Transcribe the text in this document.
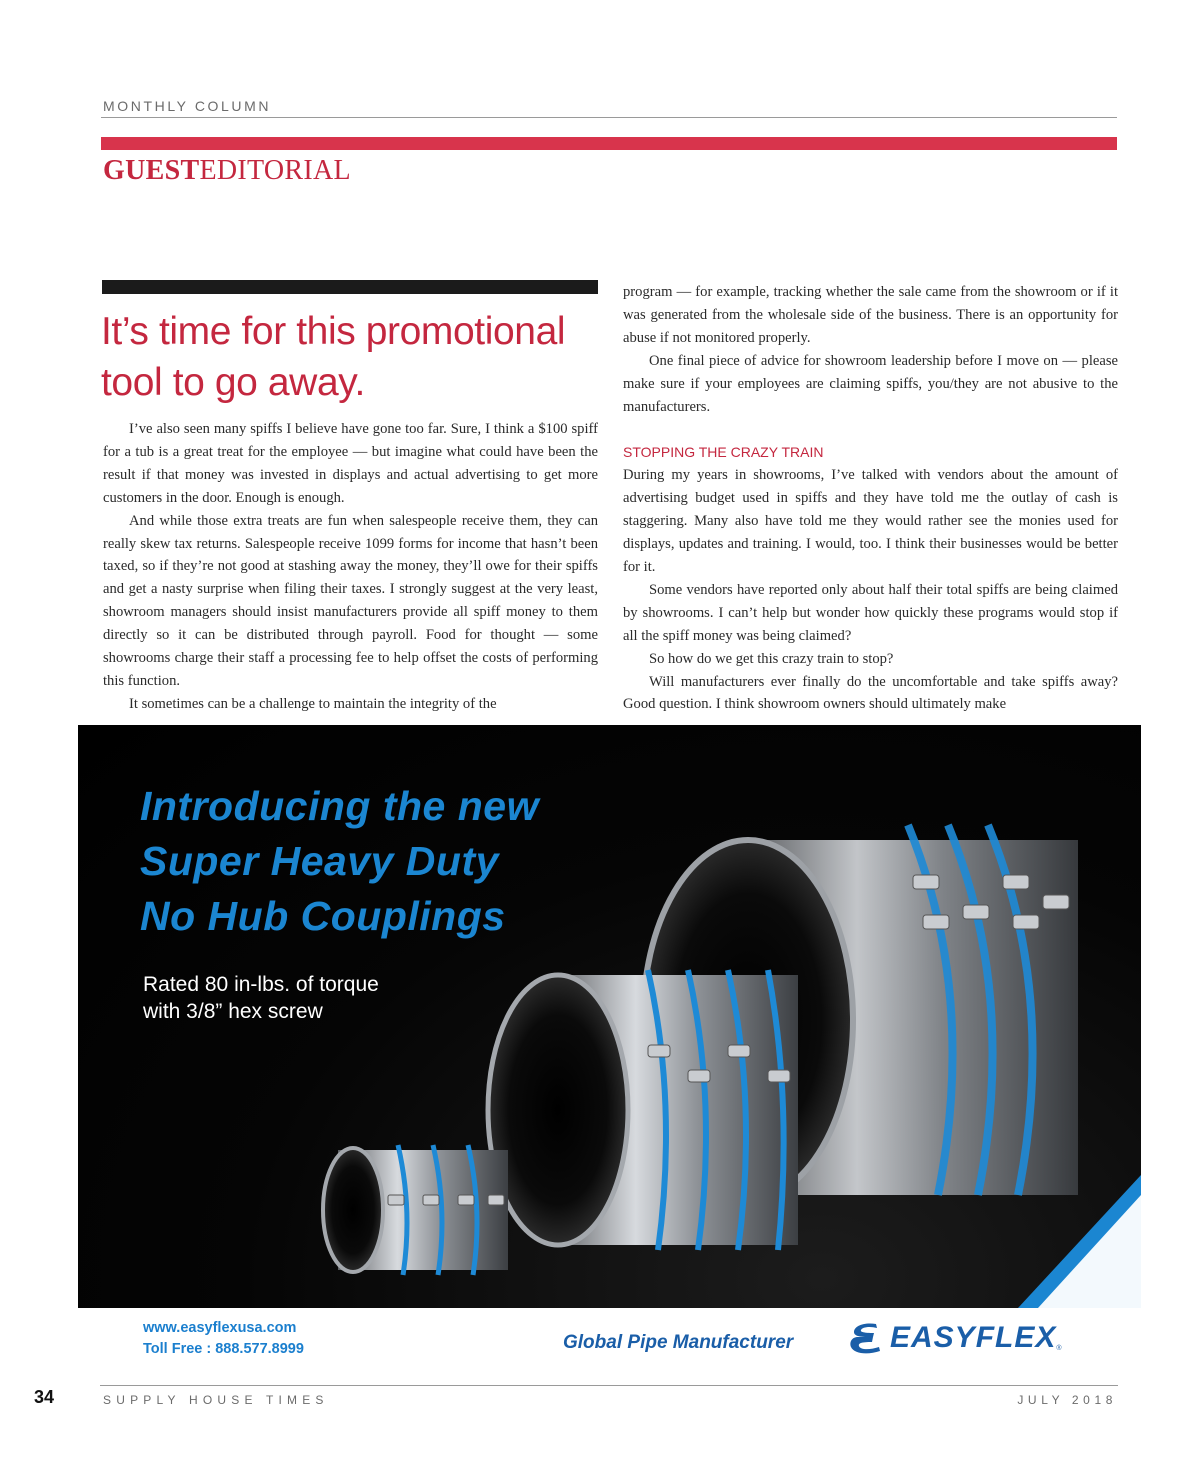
MONTHLY COLUMN
GUESTEDITORIAL
It’s time for this promotional tool to go away.

I’ve also seen many spiffs I believe have gone too far. Sure, I think a $100 spiff for a tub is a great treat for the employee — but imagine what could have been the result if that money was invested in displays and actual advertising to get more customers in the door. Enough is enough.

And while those extra treats are fun when salespeople receive them, they can really skew tax returns. Salespeople receive 1099 forms for income that hasn’t been taxed, so if they’re not good at stashing away the money, they’ll owe for their spiffs and get a nasty surprise when filing their taxes. I strongly suggest at the very least, showroom managers should insist manufacturers provide all spiff money to them directly so it can be distributed through payroll. Food for thought — some showrooms charge their staff a processing fee to help offset the costs of performing this function.

It sometimes can be a challenge to maintain the integrity of the

program — for example, tracking whether the sale came from the showroom or if it was generated from the wholesale side of the business. There is an opportunity for abuse if not monitored properly.

One final piece of advice for showroom leadership before I move on — please make sure if your employees are claiming spiffs, you/they are not abusive to the manufacturers.

STOPPING THE CRAZY TRAIN

During my years in showrooms, I’ve talked with vendors about the amount of advertising budget used in spiffs and they have told me the outlay of cash is staggering. Many also have told me they would rather see the monies used for displays, updates and training. I would, too. I think their businesses would be better for it.

Some vendors have reported only about half their total spiffs are being claimed by showrooms. I can’t help but wonder how quickly these programs would stop if all the spiff money was being claimed?

So how do we get this crazy train to stop?

Will manufacturers ever finally do the uncomfortable and take spiffs away? Good question. I think showroom owners should ultimately make

Introducing the new
Super Heavy Duty
No Hub Couplings
Rated 80 in-lbs. of torque
with 3/8” hex screw
www.easyflexusa.com
Toll Free : 888.577.8999	Global Pipe Manufacturer	EASYFLEX ®
34	SUPPLY HOUSE TIMES	JULY 2018
